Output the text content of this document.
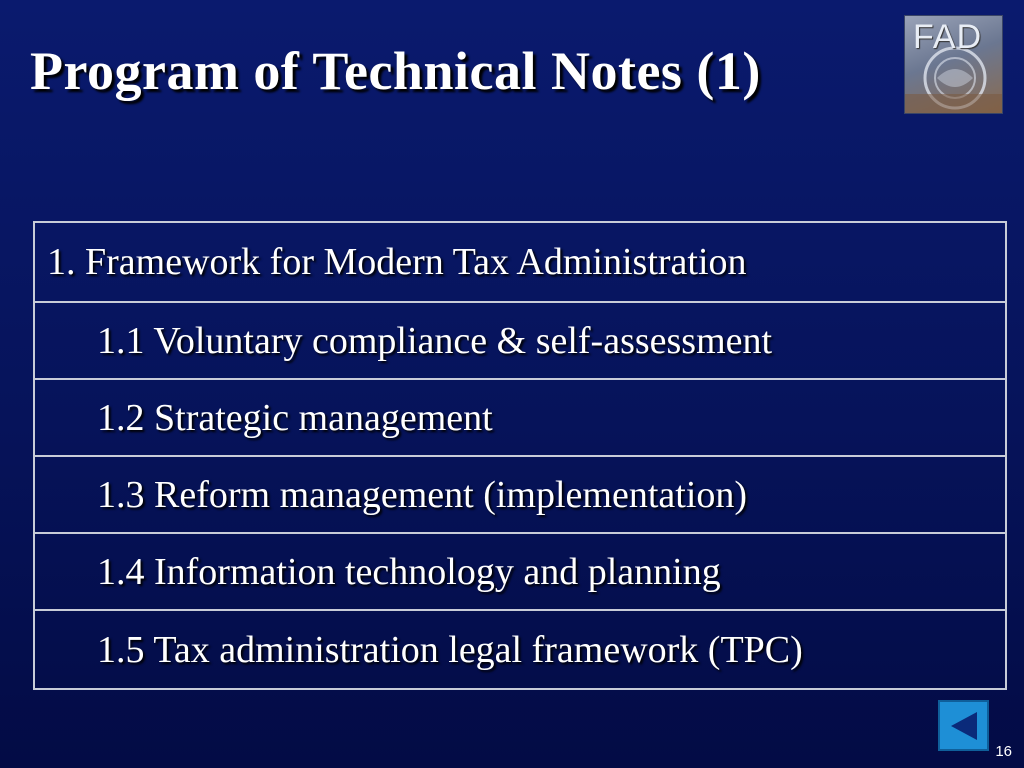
Program of Technical Notes (1)
FAD
1. Framework for Modern Tax Administration
1.1 Voluntary compliance & self-assessment
1.2 Strategic management
1.3 Reform management (implementation)
1.4 Information technology and planning
1.5 Tax administration legal framework (TPC)
16
